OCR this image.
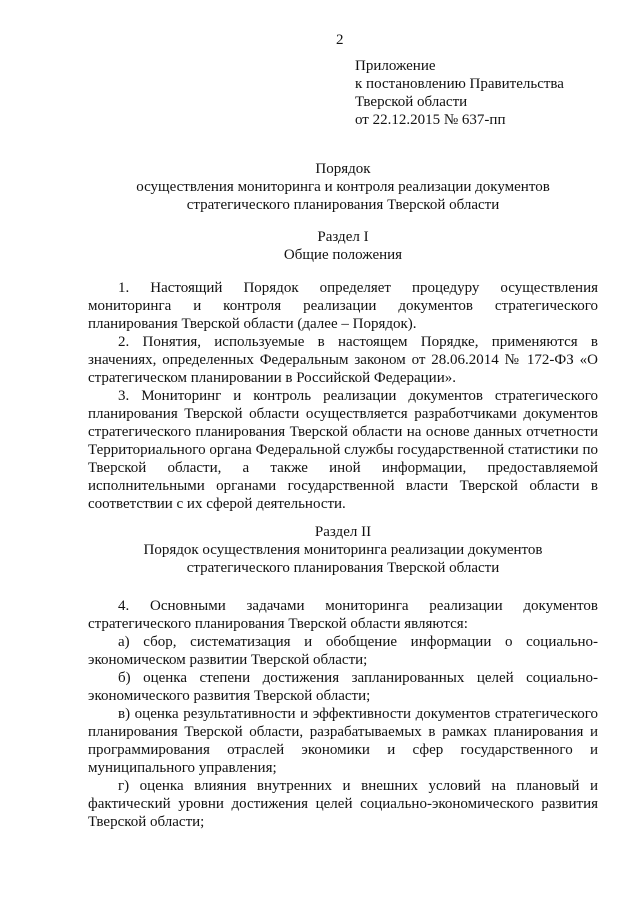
2
Приложение
к постановлению Правительства
Тверской области
от 22.12.2015 № 637-пп
Порядок
осуществления мониторинга и контроля реализации документов
стратегического планирования Тверской области
Раздел I
Общие положения

1. Настоящий Порядок определяет процедуру осуществления мониторинга и контроля реализации документов стратегического планирования Тверской области (далее – Порядок).

2. Понятия, используемые в настоящем Порядке, применяются в значениях, определенных Федеральным законом от 28.06.2014 № 172-ФЗ «О стратегическом планировании в Российской Федерации».

3. Мониторинг и контроль реализации документов стратегического планирования Тверской области осуществляется разработчиками документов стратегического планирования Тверской области на основе данных отчетности Территориального органа Федеральной службы государственной статистики по Тверской области, а также иной информации, предоставляемой исполнительными органами государственной власти Тверской области в соответствии с их сферой деятельности.

Раздел II
Порядок осуществления мониторинга реализации документов
стратегического планирования Тверской области

4. Основными задачами мониторинга реализации документов стратегического планирования Тверской области являются:

а) сбор, систематизация и обобщение информации о социально-экономическом развитии Тверской области;

б) оценка степени достижения запланированных целей социально-экономического развития Тверской области;

в) оценка результативности и эффективности документов стратегического планирования Тверской области, разрабатываемых в рамках планирования и программирования отраслей экономики и сфер государственного и муниципального управления;

г) оценка влияния внутренних и внешних условий на плановый и фактический уровни достижения целей социально-экономического развития Тверской области;
